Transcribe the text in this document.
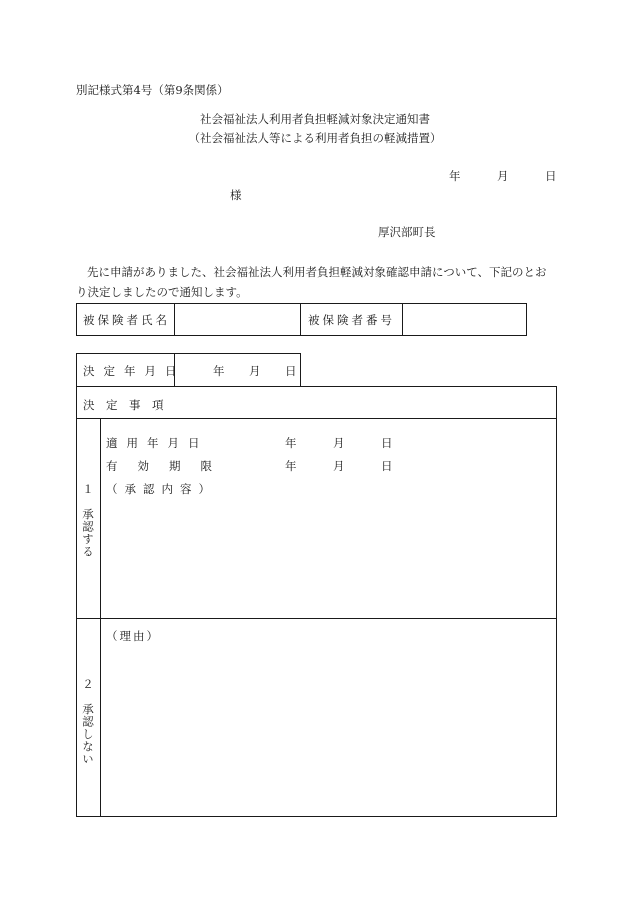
別記様式第4号（第9条関係）
社会福祉法人利用者負担軽減対象決定通知書
（社会福祉法人等による利用者負担の軽減措置）
年	月	日
様
厚沢部町長
先に申請がありました、社会福祉法人利用者負担軽減対象確認申請について、下記のとおり決定しましたので通知します。
被保険者氏名	被保険者番号
決定年月日 年 月 日
決　定　事　項
１　承認する
適用年月日	年	月	日
有効期限	年	月	日
（承認内容）
２　承認しない
（理由）
